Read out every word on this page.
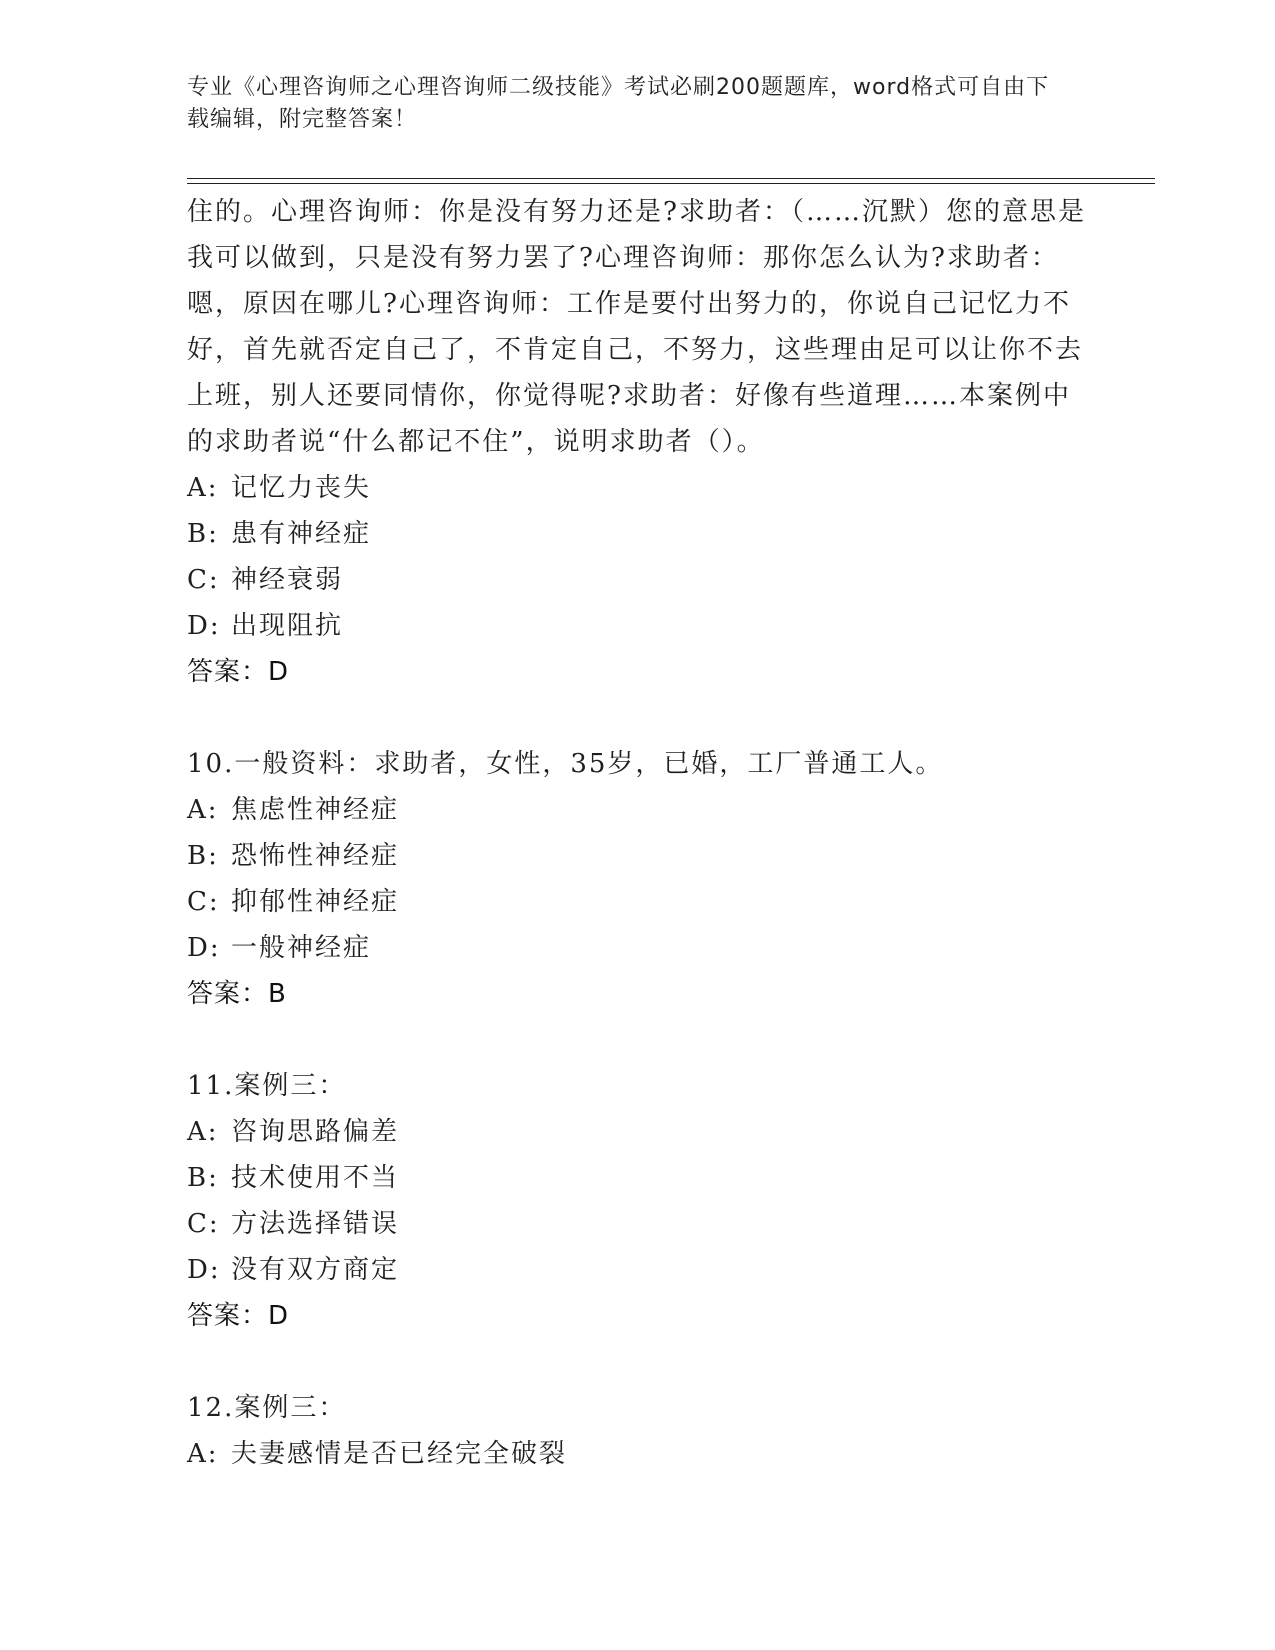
专业《心理咨询师之心理咨询师二级技能》考试必刷200题题库，word格式可自由下载编辑，附完整答案！

住的。心理咨询师：你是没有努力还是?求助者：（……沉默）您的意思是我可以做到，只是没有努力罢了?心理咨询师：那你怎么认为?求助者：嗯，原因在哪儿?心理咨询师：工作是要付出努力的，你说自己记忆力不好，首先就否定自己了，不肯定自己，不努力，这些理由足可以让你不去上班，别人还要同情你，你觉得呢?求助者：好像有些道理……本案例中的求助者说“什么都记不住”，说明求助者（）。

A: 记忆力丧失
B: 患有神经症
C: 神经衰弱
D: 出现阻抗
答案：D
10.一般资料：求助者，女性，35岁，已婚，工厂普通工人。
A: 焦虑性神经症
B: 恐怖性神经症
C: 抑郁性神经症
D: 一般神经症
答案：B
11.案例三：
A: 咨询思路偏差
B: 技术使用不当
C: 方法选择错误
D: 没有双方商定
答案：D
12.案例三：
A: 夫妻感情是否已经完全破裂
